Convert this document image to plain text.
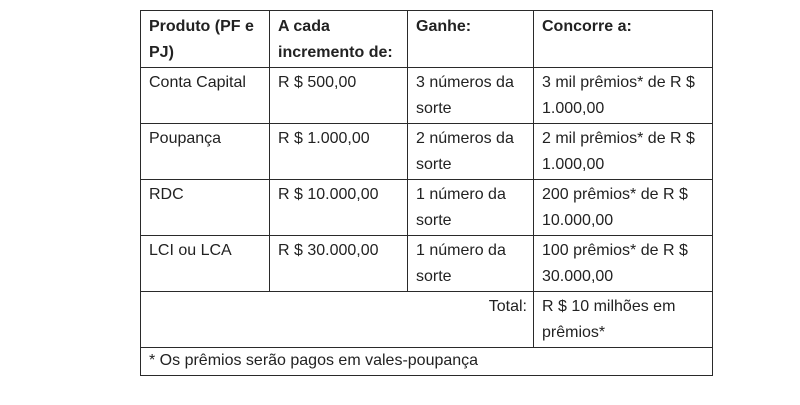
Produto (PF e PJ)	A cada incremento de:	Ganhe:	Concorre a:
Conta Capital	R $ 500,00	3 números da sorte	3 mil prêmios* de R $ 1.000,00
Poupança	R $ 1.000,00	2 números da sorte	2 mil prêmios* de R $ 1.000,00
RDC	R $ 10.000,00	1 número da sorte	200 prêmios* de R $ 10.000,00
LCI ou LCA	R $ 30.000,00	1 número da sorte	100 prêmios* de R $ 30.000,00
Total:			R $ 10 milhões em prêmios*
* Os prêmios serão pagos em vales-poupança			
